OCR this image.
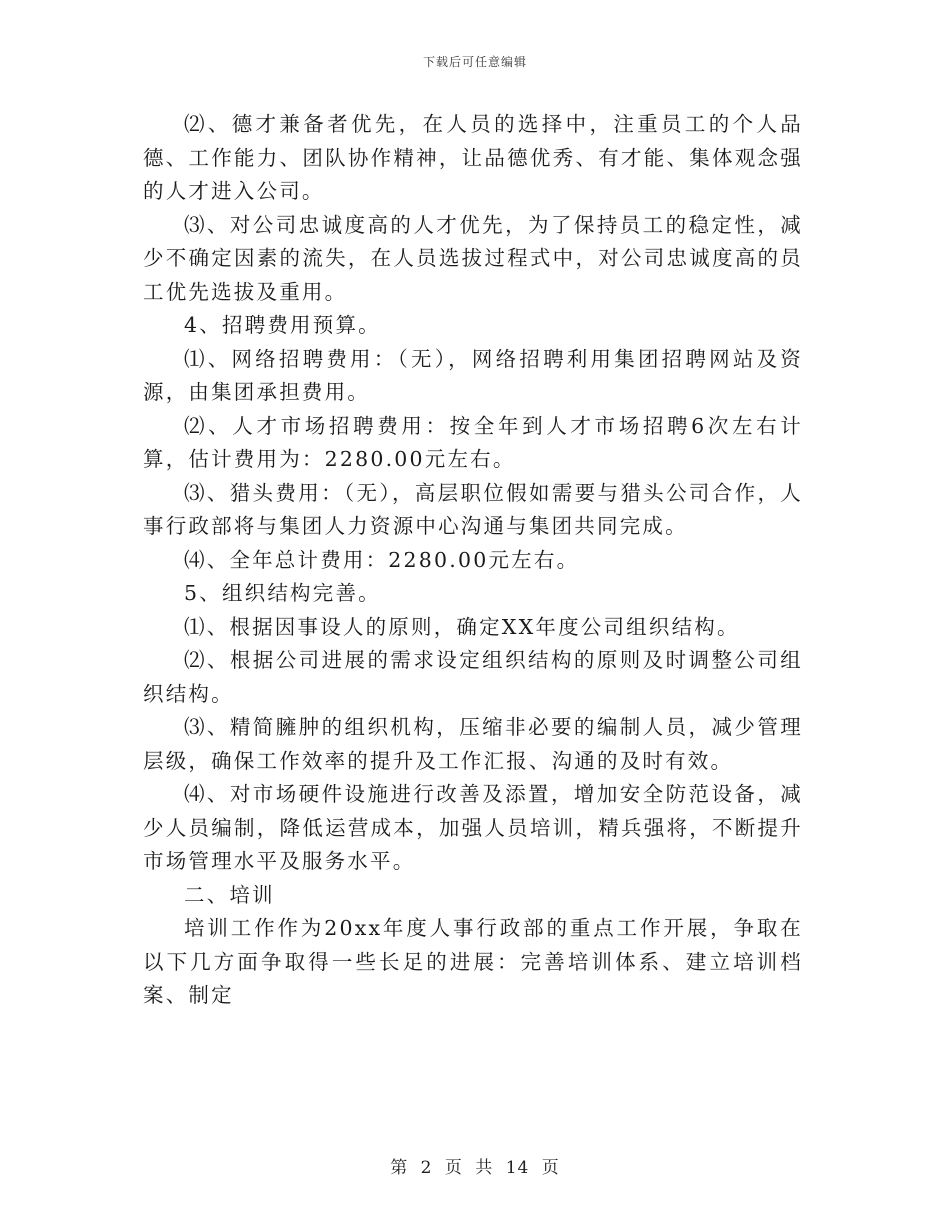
下载后可任意编辑

⑵、德才兼备者优先，在人员的选择中，注重员工的个人品德、工作能力、团队协作精神，让品德优秀、有才能、集体观念强的人才进入公司。

⑶、对公司忠诚度高的人才优先，为了保持员工的稳定性，减少不确定因素的流失，在人员选拔过程式中，对公司忠诚度高的员工优先选拔及重用。

4、招聘费用预算。

⑴、网络招聘费用：（无），网络招聘利用集团招聘网站及资源，由集团承担费用。

⑵、人才市场招聘费用：按全年到人才市场招聘6次左右计算，估计费用为：2280.00元左右。

⑶、猎头费用：（无），高层职位假如需要与猎头公司合作，人事行政部将与集团人力资源中心沟通与集团共同完成。

⑷、全年总计费用：2280.00元左右。

5、组织结构完善。

⑴、根据因事设人的原则，确定XX年度公司组织结构。

⑵、根据公司进展的需求设定组织结构的原则及时调整公司组织结构。

⑶、精简臃肿的组织机构，压缩非必要的编制人员，减少管理层级，确保工作效率的提升及工作汇报、沟通的及时有效。

⑷、对市场硬件设施进行改善及添置，增加安全防范设备，减少人员编制，降低运营成本，加强人员培训，精兵强将，不断提升市场管理水平及服务水平。

二、培训

培训工作作为20xx年度人事行政部的重点工作开展，争取在以下几方面争取得一些长足的进展：完善培训体系、建立培训档案、制定

第 2 页 共 14 页
